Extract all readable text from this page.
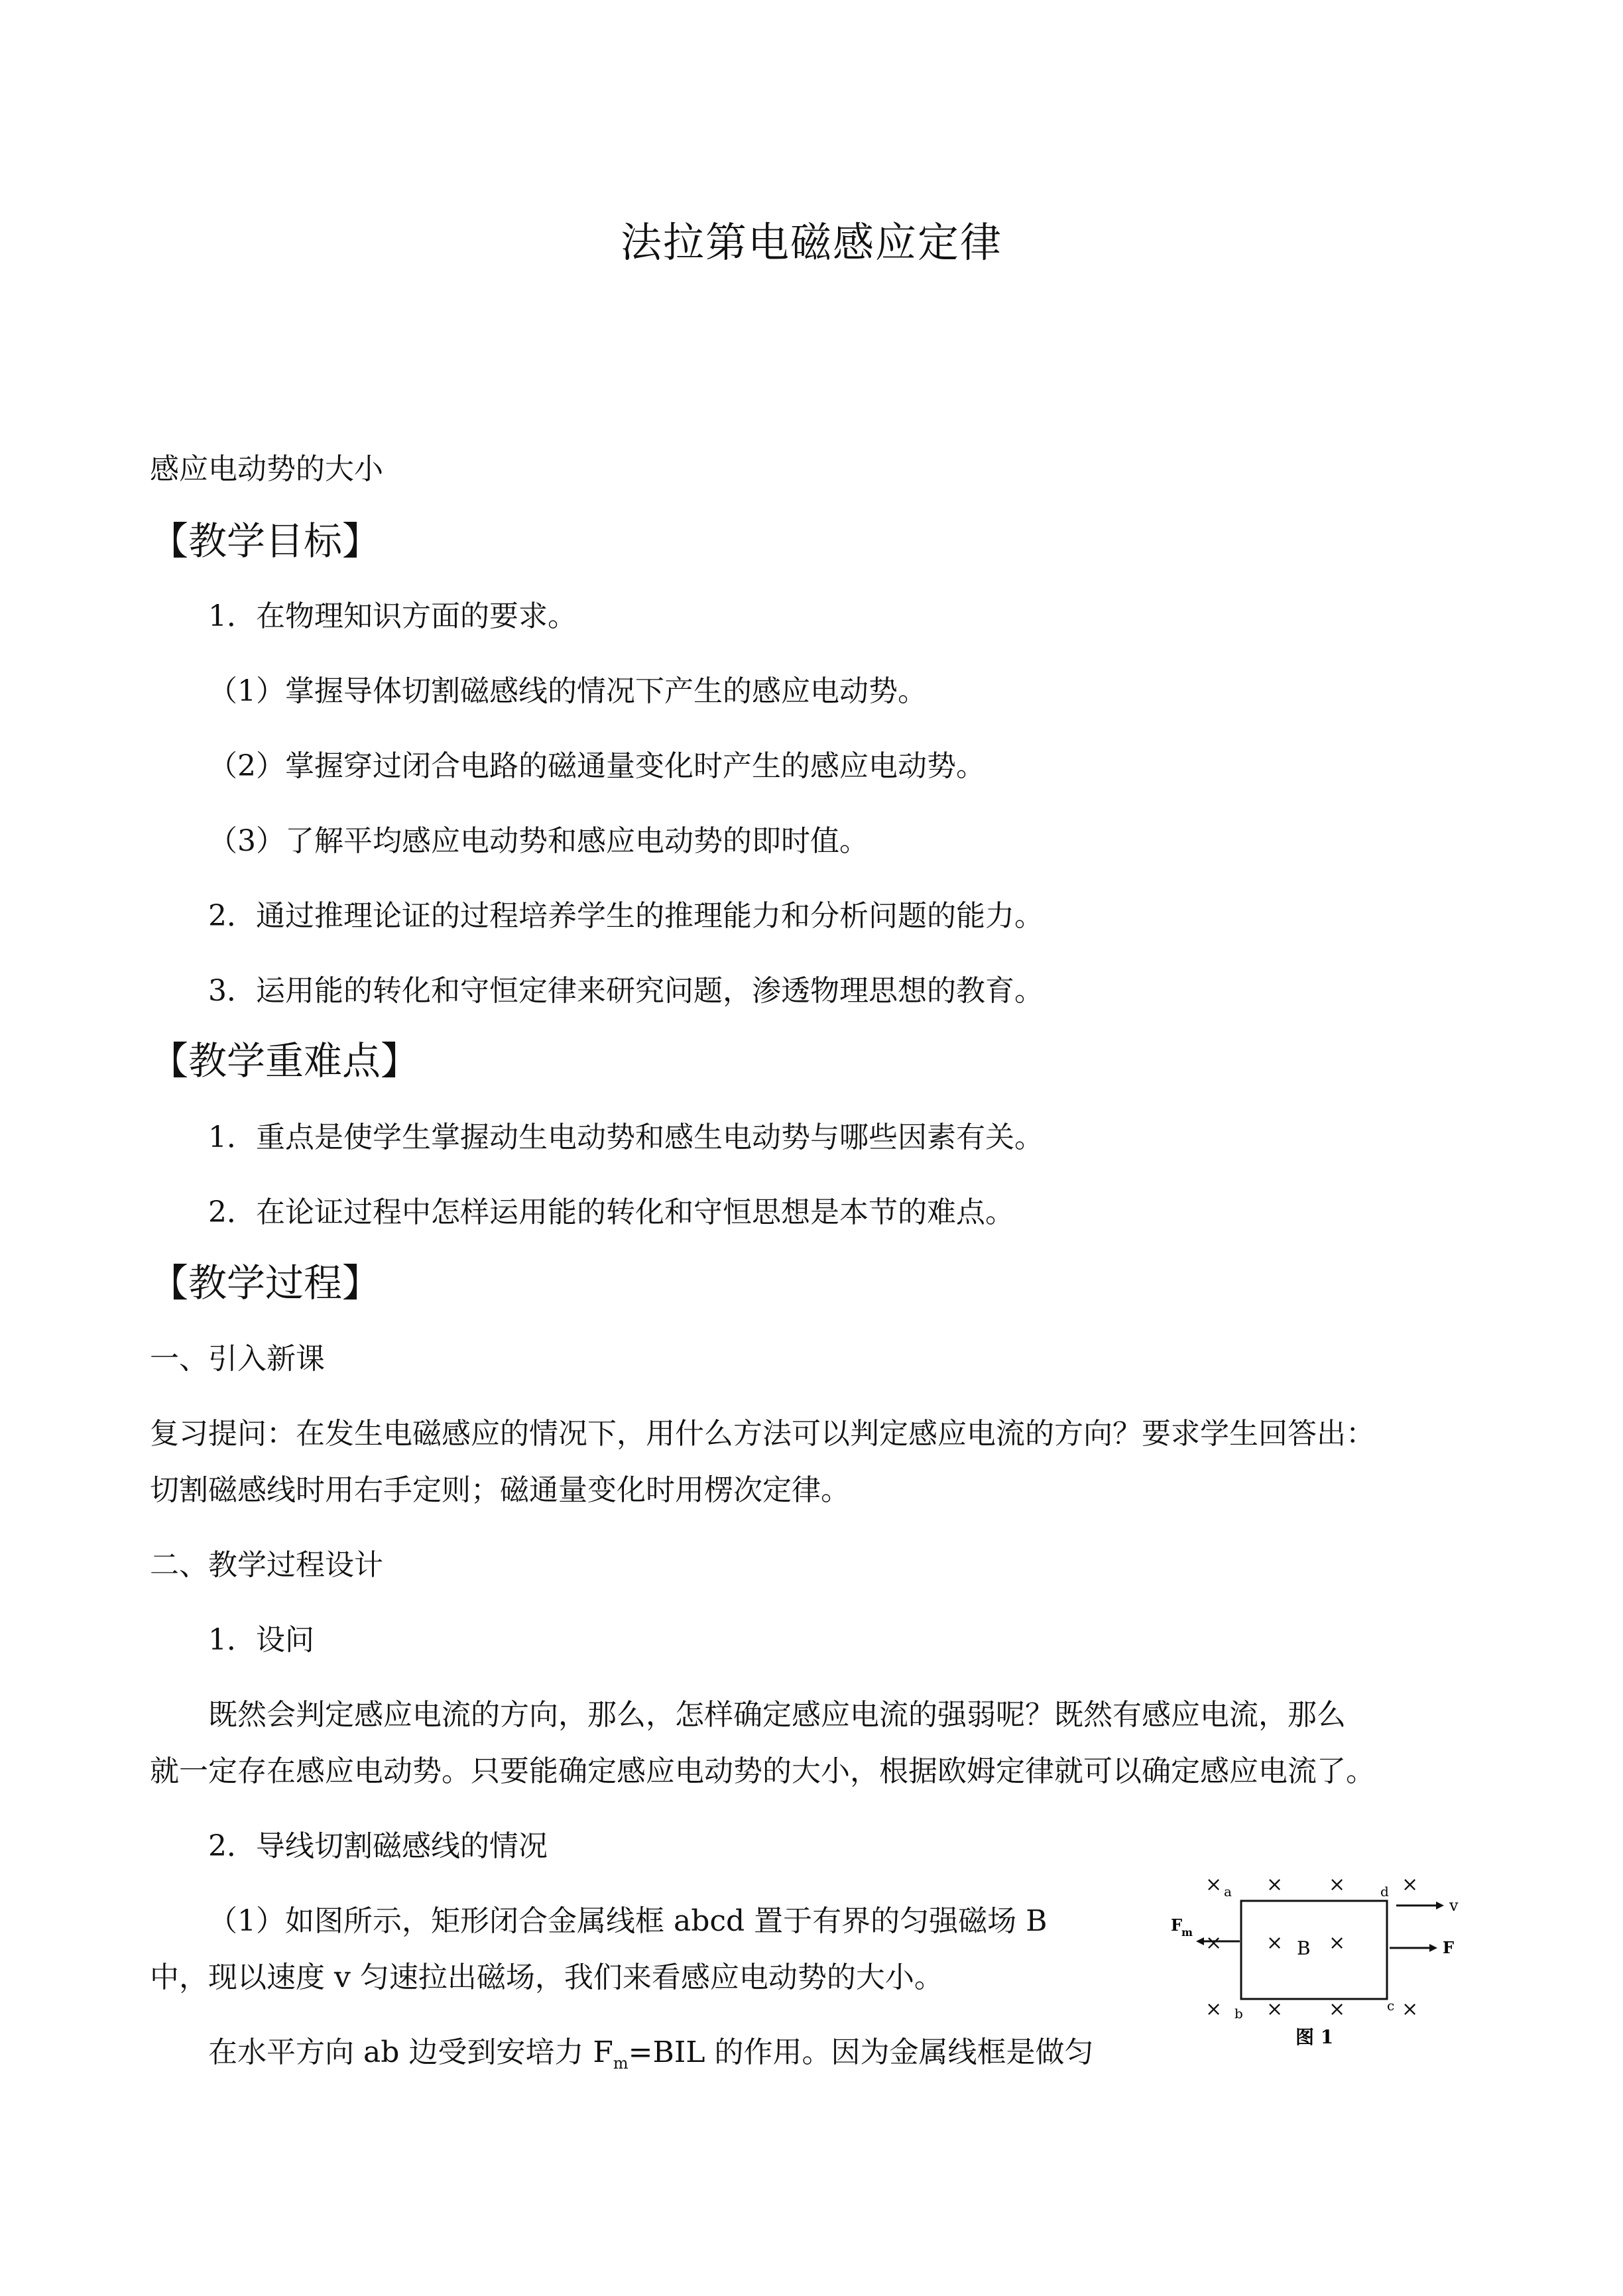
法拉第电磁感应定律
感应电动势的大小
【教学目标】
1．在物理知识方面的要求。
（1）掌握导体切割磁感线的情况下产生的感应电动势。
（2）掌握穿过闭合电路的磁通量变化时产生的感应电动势。
（3）了解平均感应电动势和感应电动势的即时值。
2．通过推理论证的过程培养学生的推理能力和分析问题的能力。
3．运用能的转化和守恒定律来研究问题，渗透物理思想的教育。
【教学重难点】
1．重点是使学生掌握动生电动势和感生电动势与哪些因素有关。
2．在论证过程中怎样运用能的转化和守恒思想是本节的难点。
【教学过程】
一、引入新课
复习提问：在发生电磁感应的情况下，用什么方法可以判定感应电流的方向？要求学生回答出：
切割磁感线时用右手定则；磁通量变化时用楞次定律。
二、教学过程设计
1．设问
既然会判定感应电流的方向，那么，怎样确定感应电流的强弱呢？既然有感应电流，那么
就一定存在感应电动势。只要能确定感应电动势的大小，根据欧姆定律就可以确定感应电流了。
2．导线切割磁感线的情况
（1）如图所示，矩形闭合金属线框 abcd 置于有界的匀强磁场 B
中，现以速度 v 匀速拉出磁场，我们来看感应电动势的大小。
在水平方向 ab 边受到安培力 $F_m=BIL$ 的作用。因为金属线框是做匀
× × ×	×
× × ×
× × ×	×
a
b	c
d
B
v
F
F
m
图 1
